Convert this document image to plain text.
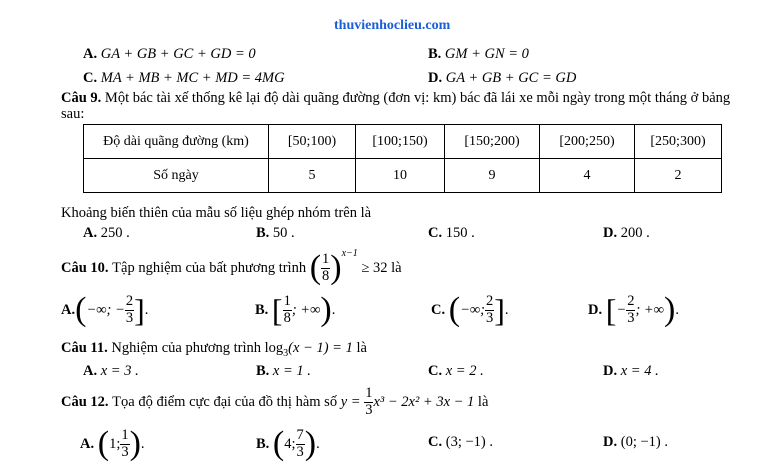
thuvienhoclieu.com
A. GA + GB + GC + GD = 0	B. GM + GN = 0
C. MA + MB + MC + MD = 4MG	D. GA + GB + GC = GD
Câu 9. Một bác tài xế thống kê lại độ dài quãng đường (đơn vị: km) bác đã lái xe mỗi ngày trong một tháng ở bảng
sau:
Độ dài quãng đường (km)	[50;100)	[100;150)	[150;200)	[200;250)	[250;300)
Số ngày	5	10	9	4	2
Khoảng biến thiên của mẫu số liệu ghép nhóm trên là
A. 250 .	B. 50 .	C. 150 .	D. 200 .
Câu 10.
Tập nghiệm của bất phương trình
( $\frac{1}{8} )^{x-1}$

≥ 32
là
A. ( −∞; − $\frac{2}{3}$ ] .	B.
[ $\frac{1}{8}$ ; +∞ ) .	C.
( −∞; $\frac{2}{3}$ ] .	D.
[ − $\frac{2}{3}$ ; +∞ ) .
Câu 11. Nghiệm của phương trình $\log_3(x - 1) = 1$ là
A. x = 3 .	B. x = 1 .	C. x = 2 .	D. x = 4 .
Câu 12.
Tọa độ điểm cực đại của đồ thị hàm số
y =
$\frac{1}{3} x^3 - 2x^2 + 3x - 1$
là
A.
( 1; $\frac{1}{3}$ ) .	B.
( 4; $\frac{7}{3}$ ) .	C. (3; −1) .	D. (0; −1) .
